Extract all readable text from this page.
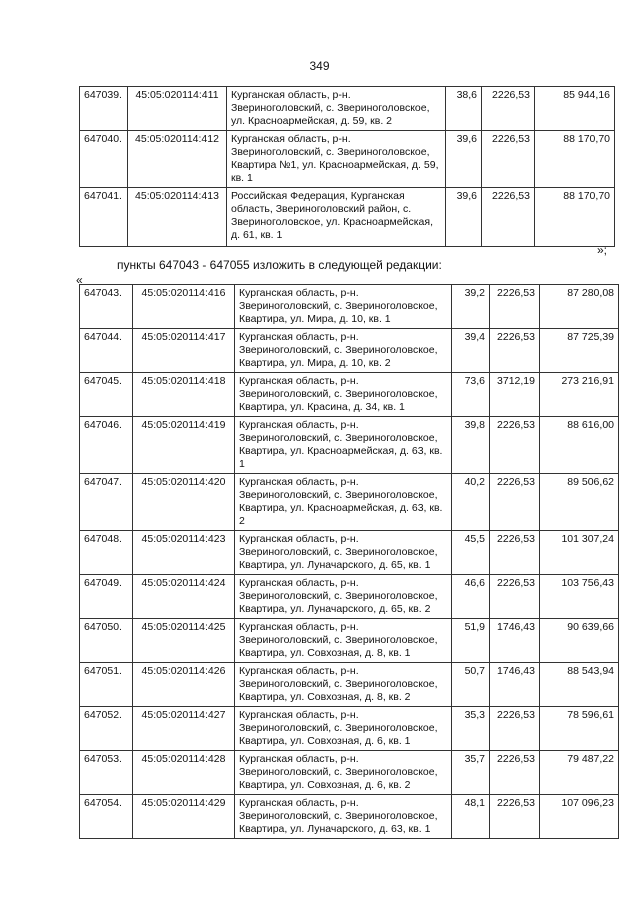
349
647039.	45:05:020114:411	Курганская область, р-н. Звериноголовский, с. Звериноголовское, ул. Красноармейская, д. 59, кв. 2	38,6	2226,53	85 944,16
647040.	45:05:020114:412	Курганская область, р-н. Звериноголовский, с. Звериноголовское, Квартира №1, ул. Красноармейская, д. 59, кв. 1	39,6	2226,53	88 170,70
647041.	45:05:020114:413	Российская Федерация, Курганская область, Звериноголовский район, с. Звериноголовское, ул. Красноармейская, д. 61, кв. 1	39,6	2226,53	88 170,70
»;
пункты 647043 - 647055 изложить в следующей редакции:
«
647043.	45:05:020114:416	Курганская область, р-н. Звериноголовский, с. Звериноголовское, Квартира, ул. Мира, д. 10, кв. 1	39,2	2226,53	87 280,08
647044.	45:05:020114:417	Курганская область, р-н. Звериноголовский, с. Звериноголовское, Квартира, ул. Мира, д. 10, кв. 2	39,4	2226,53	87 725,39
647045.	45:05:020114:418	Курганская область, р-н. Звериноголовский, с. Звериноголовское, Квартира, ул. Красина, д. 34, кв. 1	73,6	3712,19	273 216,91
647046.	45:05:020114:419	Курганская область, р-н. Звериноголовский, с. Звериноголовское, Квартира, ул. Красноармейская, д. 63, кв. 1	39,8	2226,53	88 616,00
647047.	45:05:020114:420	Курганская область, р-н. Звериноголовский, с. Звериноголовское, Квартира, ул. Красноармейская, д. 63, кв. 2	40,2	2226,53	89 506,62
647048.	45:05:020114:423	Курганская область, р-н. Звериноголовский, с. Звериноголовское, Квартира, ул. Луначарского, д. 65, кв. 1	45,5	2226,53	101 307,24
647049.	45:05:020114:424	Курганская область, р-н. Звериноголовский, с. Звериноголовское, Квартира, ул. Луначарского, д. 65, кв. 2	46,6	2226,53	103 756,43
647050.	45:05:020114:425	Курганская область, р-н. Звериноголовский, с. Звериноголовское, Квартира, ул. Совхозная, д. 8, кв. 1	51,9	1746,43	90 639,66
647051.	45:05:020114:426	Курганская область, р-н. Звериноголовский, с. Звериноголовское, Квартира, ул. Совхозная, д. 8, кв. 2	50,7	1746,43	88 543,94
647052.	45:05:020114:427	Курганская область, р-н. Звериноголовский, с. Звериноголовское, Квартира, ул. Совхозная, д. 6, кв. 1	35,3	2226,53	78 596,61
647053.	45:05:020114:428	Курганская область, р-н. Звериноголовский, с. Звериноголовское, Квартира, ул. Совхозная, д. 6, кв. 2	35,7	2226,53	79 487,22
647054.	45:05:020114:429	Курганская область, р-н. Звериноголовский, с. Звериноголовское, Квартира, ул. Луначарского, д. 63, кв. 1	48,1	2226,53	107 096,23
